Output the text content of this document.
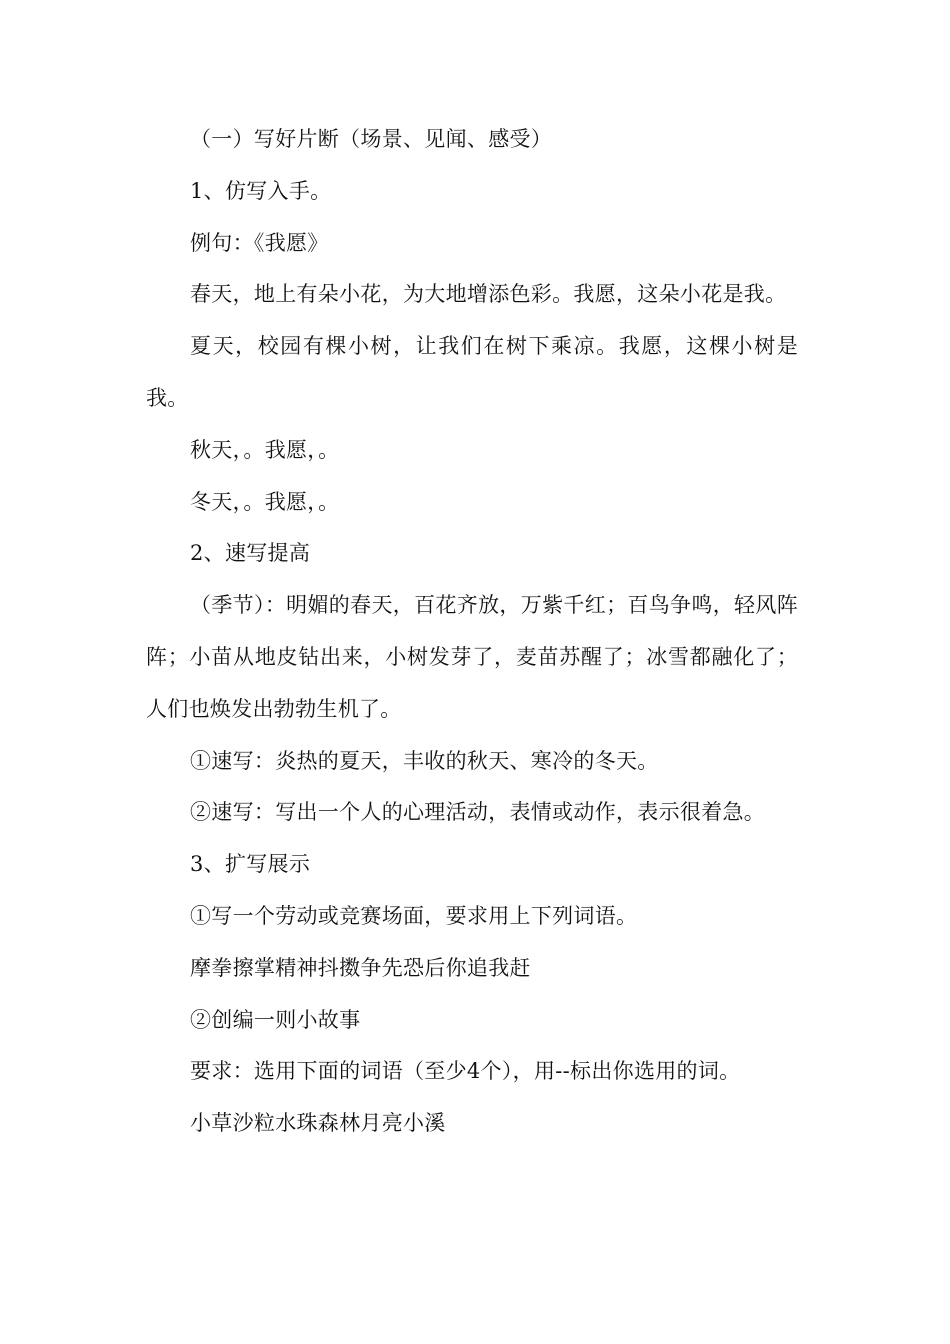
（一）写好片断（场景、见闻、感受）

1、仿写入手。

例句：《我愿》

春天，地上有朵小花，为大地增添色彩。我愿，这朵小花是我。

夏天，校园有棵小树，让我们在树下乘凉。我愿，这棵小树是我。

秋天，。我愿，。

冬天，。我愿，。

2、速写提高

（季节）：明媚的春天，百花齐放，万紫千红；百鸟争鸣，轻风阵阵；小苗从地皮钻出来，小树发芽了，麦苗苏醒了；冰雪都融化了；人们也焕发出勃勃生机了。

①速写：炎热的夏天，丰收的秋天、寒冷的冬天。

②速写：写出一个人的心理活动，表情或动作，表示很着急。

3、扩写展示

①写一个劳动或竞赛场面，要求用上下列词语。

摩拳擦掌精神抖擞争先恐后你追我赶

②创编一则小故事

要求：选用下面的词语（至少4个），用--标出你选用的词。

小草沙粒水珠森林月亮小溪
